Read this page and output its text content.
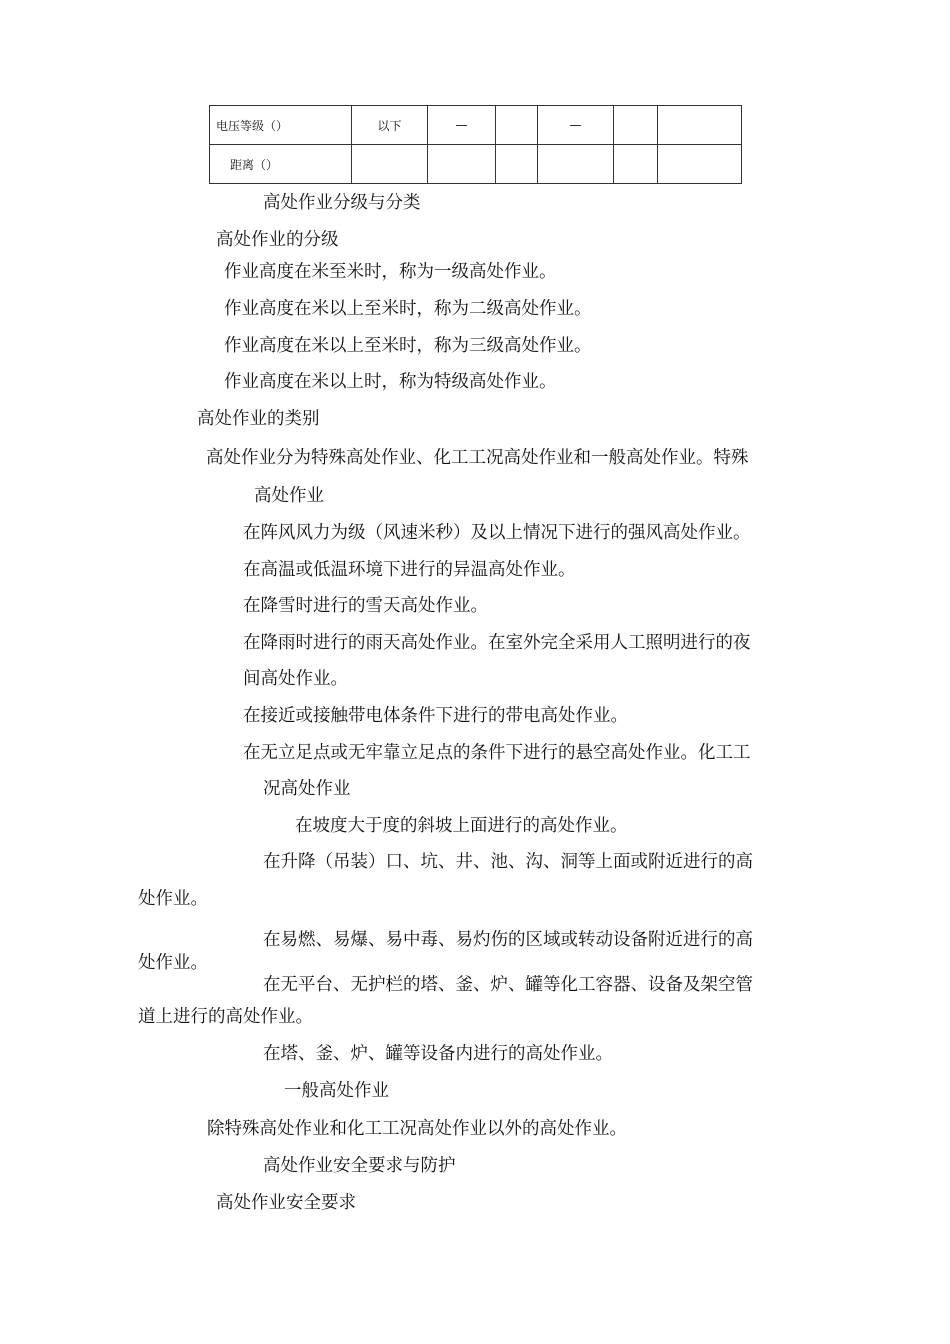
电压等级（）	以下	—		—		
距离（）						
高处作业分级与分类
高处作业的分级
作业高度在米至米时，称为一级高处作业。
作业高度在米以上至米时，称为二级高处作业。
作业高度在米以上至米时，称为三级高处作业。
作业高度在米以上时，称为特级高处作业。
高处作业的类别
高处作业分为特殊高处作业、化工工况高处作业和一般高处作业。特殊
高处作业
在阵风风力为级（风速米秒）及以上情况下进行的强风高处作业。
在高温或低温环境下进行的异温高处作业。
在降雪时进行的雪天高处作业。
在降雨时进行的雨天高处作业。在室外完全采用人工照明进行的夜
间高处作业。
在接近或接触带电体条件下进行的带电高处作业。
在无立足点或无牢靠立足点的条件下进行的悬空高处作业。化工工
况高处作业
在坡度大于度的斜坡上面进行的高处作业。
在升降（吊装）口、坑、井、池、沟、洞等上面或附近进行的高
处作业。
在易燃、易爆、易中毒、易灼伤的区域或转动设备附近进行的高
处作业。
在无平台、无护栏的塔、釜、炉、罐等化工容器、设备及架空管
道上进行的高处作业。
在塔、釜、炉、罐等设备内进行的高处作业。
一般高处作业
除特殊高处作业和化工工况高处作业以外的高处作业。
高处作业安全要求与防护
高处作业安全要求
